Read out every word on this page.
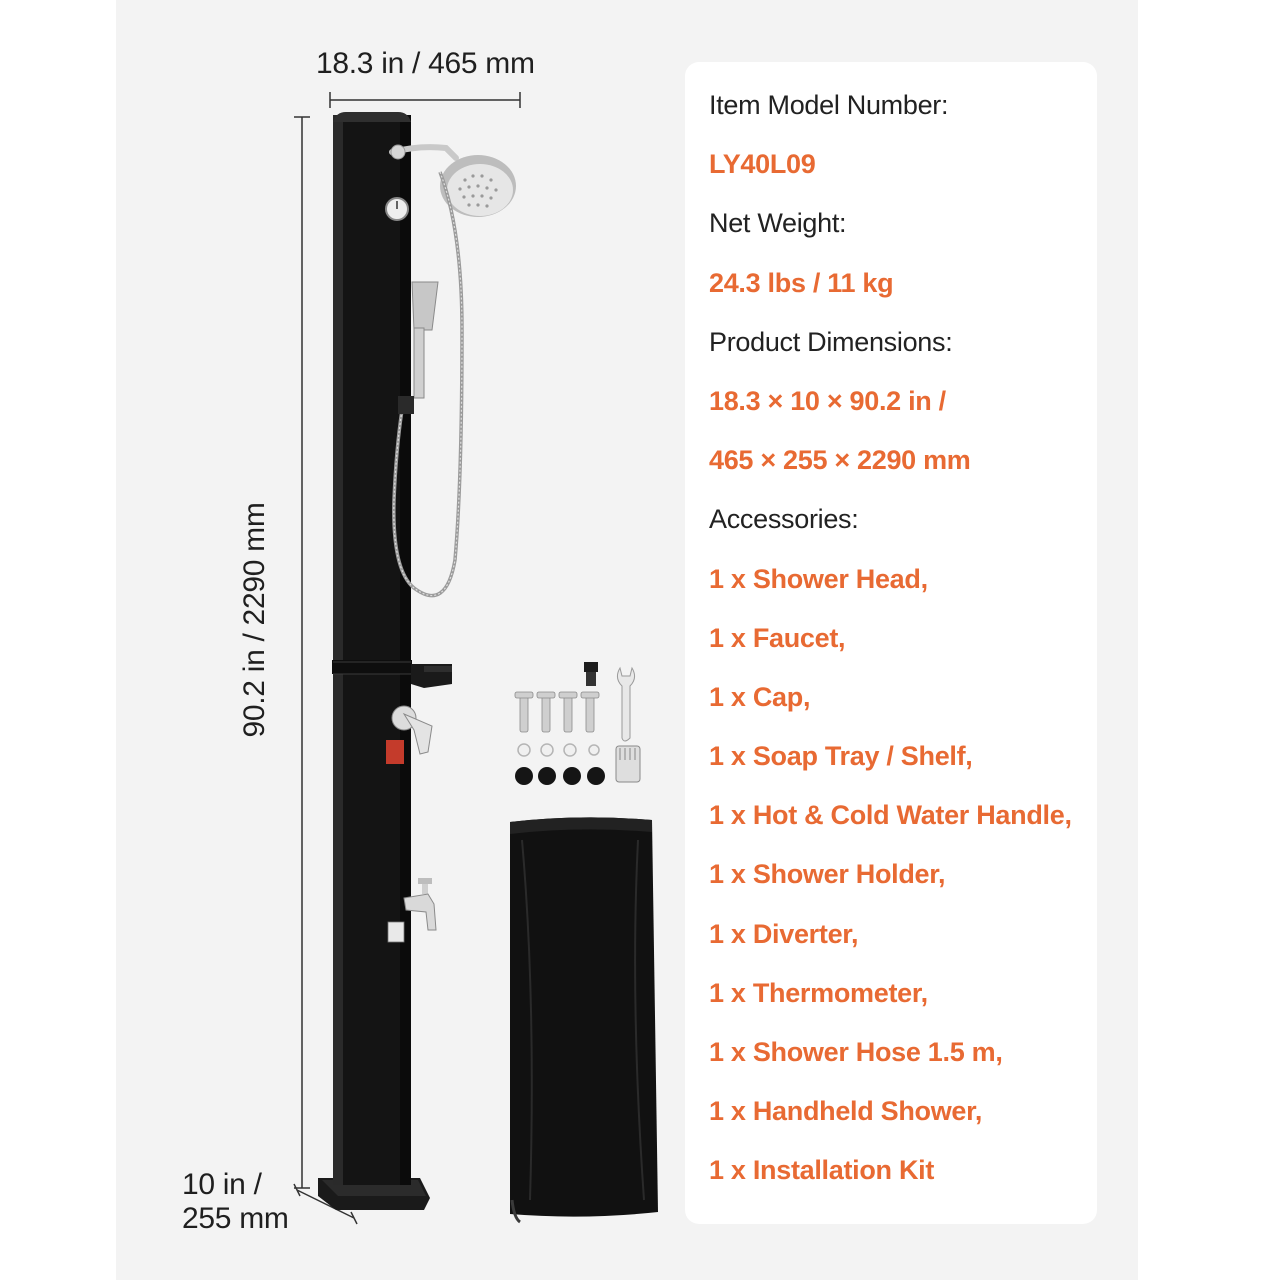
18.3 in / 465 mm
90.2 in / 2290 mm
10 in /
255 mm
Item Model Number:
LY40L09
Net Weight:
24.3 lbs / 11 kg
Product Dimensions:
18.3 × 10 × 90.2 in /
465 × 255 × 2290 mm
Accessories:
1 x Shower Head,
1 x Faucet,
1 x Cap,
1 x Soap Tray / Shelf,
1 x Hot & Cold Water Handle,
1 x Shower Holder,
1 x Diverter,
1 x Thermometer,
1 x Shower Hose 1.5 m,
1 x Handheld Shower,
1 x Installation Kit
